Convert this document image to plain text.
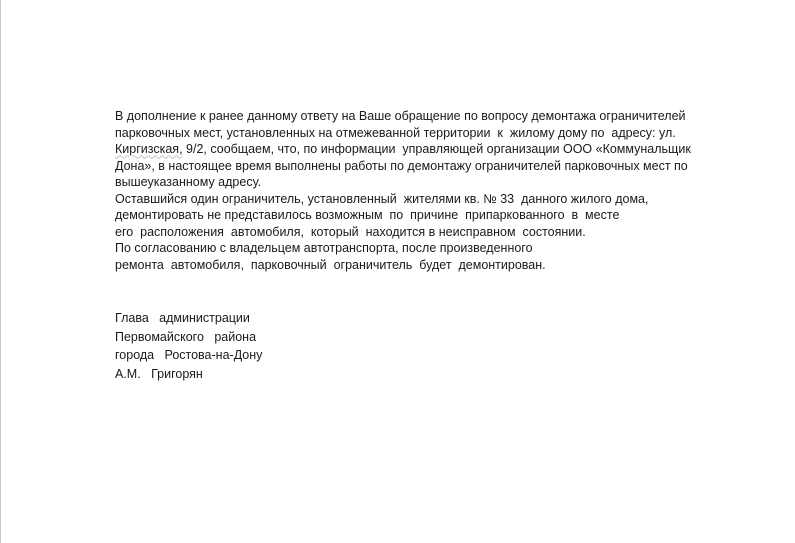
В дополнение к ранее данному ответу на Ваше обращение по вопросу демонтажа ограничителей
парковочных мест, установленных на отмежеванной территории  к  жилому дому по  адресу: ул.
Киргизская, 9/2, сообщаем, что, по информации  управляющей организации ООО «Коммунальщик
Дона», в настоящее время выполнены работы по демонтажу ограничителей парковочных мест по
вышеуказанному адресу.
Оставшийся один ограничитель, установленный  жителями кв. № 33  данного жилого дома,
демонтировать не представилось возможным  по  причине  припаркованного  в  месте
его  расположения  автомобиля,  который  находится в неисправном  состоянии.
По согласованию с владельцем автотранспорта, после произведенного
ремонта  автомобиля,  парковочный  ограничитель  будет  демонтирован.
Глава   администрации
Первомайского   района
города   Ростова-на-Дону
А.М.   Григорян
